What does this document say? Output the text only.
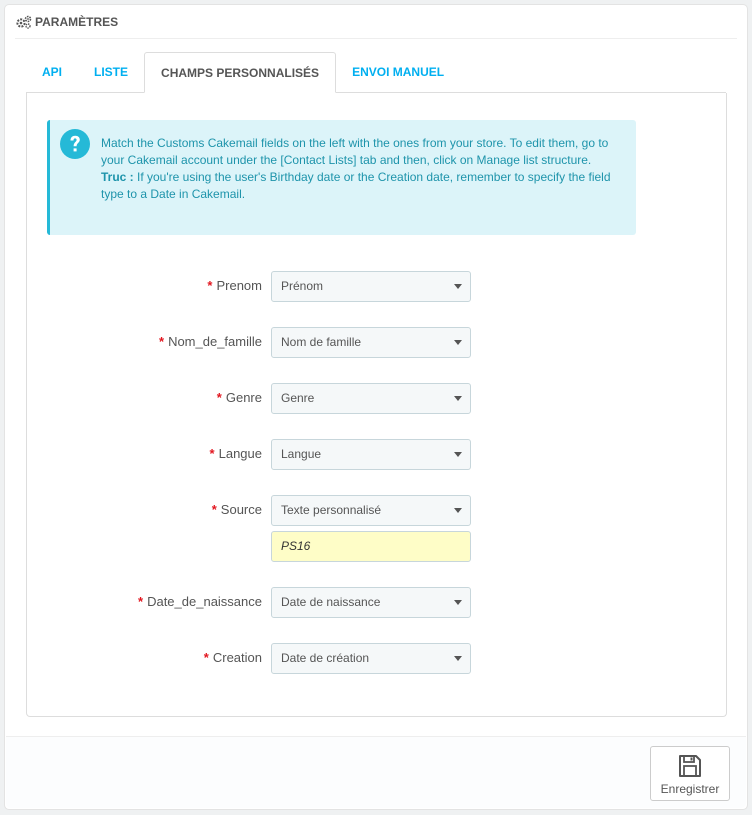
PARAMÈTRES
API	LISTE	CHAMPS PERSONNALISÉS	ENVOI MANUEL

Match the Customs Cakemail fields on the left with the ones from your store. To edit them, go to your Cakemail account under the [Contact Lists] tab and then, click on Manage list structure.

Truc : If you're using the user's Birthday date or the Creation date, remember to specify the field type to a Date in Cakemail.

* Prenom	Prénom
* Nom_de_famille	Nom de famille
* Genre	Genre
* Langue	Langue
* Source	Texte personnalisé
PS16
* Date_de_naissance	Date de naissance
* Creation	Date de création
Enregistrer
